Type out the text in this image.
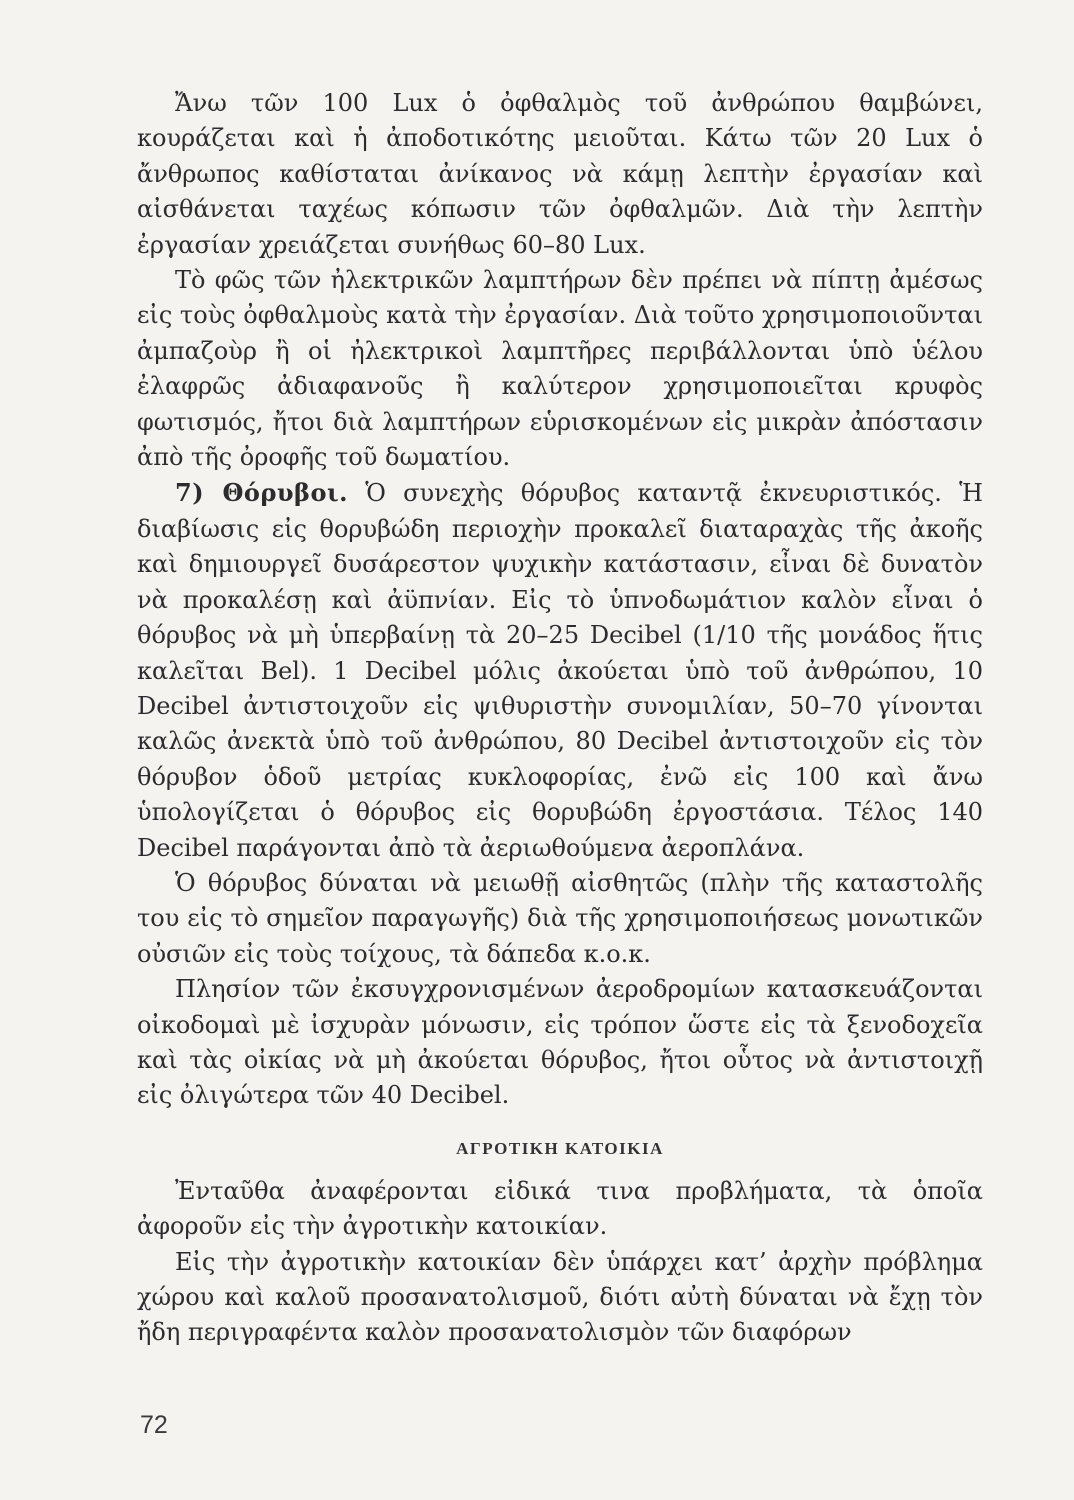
Ἄνω τῶν 100 Lux ὁ ὀφθαλμὸς τοῦ ἀνθρώπου θαμβώνει, κουράζεται καὶ ἡ ἀποδοτικότης μειοῦται. Κάτω τῶν 20 Lux ὁ ἄνθρωπος καθίσταται ἀνίκανος νὰ κάμῃ λεπτὴν ἐργασίαν καὶ αἰσθάνεται ταχέως κόπωσιν τῶν ὀφθαλμῶν. Διὰ τὴν λεπτὴν ἐργασίαν χρειάζεται συνήθως 60–80 Lux.

Τὸ φῶς τῶν ἠλεκτρικῶν λαμπτήρων δὲν πρέπει νὰ πίπτῃ ἀμέσως εἰς τοὺς ὀφθαλμοὺς κατὰ τὴν ἐργασίαν. Διὰ τοῦτο χρησιμοποιοῦνται ἀμπαζοὺρ ἢ οἱ ἠλεκτρικοὶ λαμπτῆρες περιβάλλονται ὑπὸ ὑέλου ἐλαφρῶς ἀδιαφανοῦς ἢ καλύτερον χρησιμοποιεῖται κρυφὸς φωτισμός, ἤτοι διὰ λαμπτήρων εὑρισκομένων εἰς μικρὰν ἀπόστασιν ἀπὸ τῆς ὀροφῆς τοῦ δωματίου.

7) Θόρυβοι. Ὁ συνεχὴς θόρυβος καταντᾷ ἐκνευριστικός. Ἡ διαβίωσις εἰς θορυβώδη περιοχὴν προκαλεῖ διαταραχὰς τῆς ἀκοῆς καὶ δημιουργεῖ δυσάρεστον ψυχικὴν κατάστασιν, εἶναι δὲ δυνατὸν νὰ προκαλέσῃ καὶ ἀϋπνίαν. Εἰς τὸ ὑπνοδωμάτιον καλὸν εἶναι ὁ θόρυβος νὰ μὴ ὑπερβαίνῃ τὰ 20–25 Decibel (1/10 τῆς μονάδος ἥτις καλεῖται Bel). 1 Decibel μόλις ἀκούεται ὑπὸ τοῦ ἀνθρώπου, 10 Decibel ἀντιστοιχοῦν εἰς ψιθυριστὴν συνομιλίαν, 50–70 γίνονται καλῶς ἀνεκτὰ ὑπὸ τοῦ ἀνθρώπου, 80 Decibel ἀντιστοιχοῦν εἰς τὸν θόρυβον ὁδοῦ μετρίας κυκλοφορίας, ἐνῶ εἰς 100 καὶ ἄνω ὑπολογίζεται ὁ θόρυβος εἰς θορυβώδη ἐργοστάσια. Τέλος 140 Decibel παράγονται ἀπὸ τὰ ἀεριωθούμενα ἀεροπλάνα.

Ὁ θόρυβος δύναται νὰ μειωθῇ αἰσθητῶς (πλὴν τῆς καταστολῆς του εἰς τὸ σημεῖον παραγωγῆς) διὰ τῆς χρησιμοποιήσεως μονωτικῶν οὐσιῶν εἰς τοὺς τοίχους, τὰ δάπεδα κ.ο.κ.

Πλησίον τῶν ἐκσυγχρονισμένων ἀεροδρομίων κατασκευάζονται οἰκοδομαὶ μὲ ἰσχυρὰν μόνωσιν, εἰς τρόπον ὥστε εἰς τὰ ξενοδοχεῖα καὶ τὰς οἰκίας νὰ μὴ ἀκούεται θόρυβος, ἤτοι οὗτος νὰ ἀντιστοιχῇ εἰς ὀλιγώτερα τῶν 40 Decibel.

ΑΓΡΟΤΙΚΗ ΚΑΤΟΙΚΙΑ

Ἐνταῦθα ἀναφέρονται εἰδικά τινα προβλήματα, τὰ ὁποῖα ἀφοροῦν εἰς τὴν ἀγροτικὴν κατοικίαν.

Εἰς τὴν ἀγροτικὴν κατοικίαν δὲν ὑπάρχει κατ’ ἀρχὴν πρόβλημα χώρου καὶ καλοῦ προσανατολισμοῦ, διότι αὐτὴ δύναται νὰ ἔχῃ τὸν ἤδη περιγραφέντα καλὸν προσανατολισμὸν τῶν διαφόρων

72
